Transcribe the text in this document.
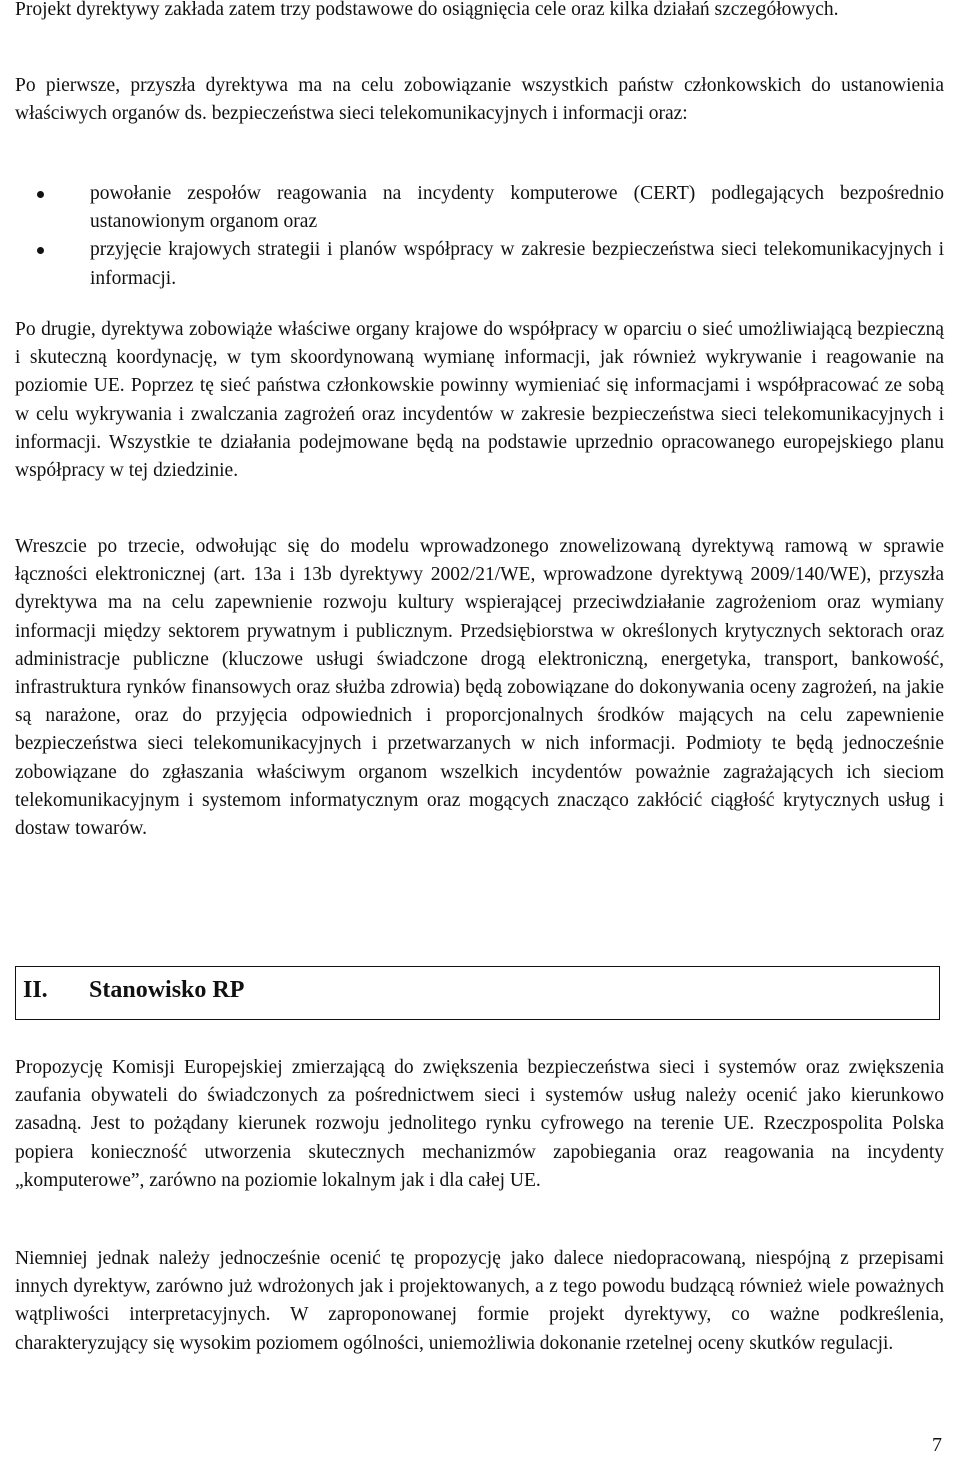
Projekt dyrektywy zakłada zatem trzy podstawowe do osiągnięcia cele oraz kilka działań szczegółowych.

Po pierwsze, przyszła dyrektywa ma na celu zobowiązanie wszystkich państw członkowskich do ustanowienia właściwych organów ds. bezpieczeństwa sieci telekomunikacyjnych i informacji oraz:

powołanie zespołów reagowania na incydenty komputerowe (CERT) podlegających bezpośrednio ustanowionym organom oraz
przyjęcie krajowych strategii i planów współpracy w zakresie bezpieczeństwa sieci telekomunikacyjnych i informacji.

Po drugie, dyrektywa zobowiąże właściwe organy krajowe do współpracy w oparciu o sieć umożliwiającą bezpieczną i skuteczną koordynację, w tym skoordynowaną wymianę informacji, jak również wykrywanie i reagowanie na poziomie UE. Poprzez tę sieć państwa członkowskie powinny wymieniać się informacjami i współpracować ze sobą w celu wykrywania i zwalczania zagrożeń oraz incydentów w zakresie bezpieczeństwa sieci telekomunikacyjnych i informacji. Wszystkie te działania podejmowane będą na podstawie uprzednio opracowanego europejskiego planu współpracy w tej dziedzinie.

Wreszcie po trzecie, odwołując się do modelu wprowadzonego znowelizowaną dyrektywą ramową w sprawie łączności elektronicznej (art. 13a i 13b dyrektywy 2002/21/WE, wprowadzone dyrektywą 2009/140/WE), przyszła dyrektywa ma na celu zapewnienie rozwoju kultury wspierającej przeciwdziałanie zagrożeniom oraz wymiany informacji między sektorem prywatnym i publicznym. Przedsiębiorstwa w określonych krytycznych sektorach oraz administracje publiczne (kluczowe usługi świadczone drogą elektroniczną, energetyka, transport, bankowość, infrastruktura rynków finansowych oraz służba zdrowia) będą zobowiązane do dokonywania oceny zagrożeń, na jakie są narażone, oraz do przyjęcia odpowiednich i proporcjonalnych środków mających na celu zapewnienie bezpieczeństwa sieci telekomunikacyjnych i przetwarzanych w nich informacji. Podmioty te będą jednocześnie zobowiązane do zgłaszania właściwym organom wszelkich incydentów poważnie zagrażających ich sieciom telekomunikacyjnym i systemom informatycznym oraz mogących znacząco zakłócić ciągłość krytycznych usług i dostaw towarów.

II. Stanowisko RP

Propozycję Komisji Europejskiej zmierzającą do zwiększenia bezpieczeństwa sieci i systemów oraz zwiększenia zaufania obywateli do świadczonych za pośrednictwem sieci i systemów usług należy ocenić jako kierunkowo zasadną. Jest to pożądany kierunek rozwoju jednolitego rynku cyfrowego na terenie UE. Rzeczpospolita Polska popiera konieczność utworzenia skutecznych mechanizmów zapobiegania oraz reagowania na incydenty „komputerowe”, zarówno na poziomie lokalnym jak i dla całej UE.

Niemniej jednak należy jednocześnie ocenić tę propozycję jako dalece niedopracowaną, niespójną z przepisami innych dyrektyw, zarówno już wdrożonych jak i projektowanych, a z tego powodu budzącą również wiele poważnych wątpliwości interpretacyjnych. W zaproponowanej formie projekt dyrektywy, co ważne podkreślenia, charakteryzujący się wysokim poziomem ogólności, uniemożliwia dokonanie rzetelnej oceny skutków regulacji.

7
